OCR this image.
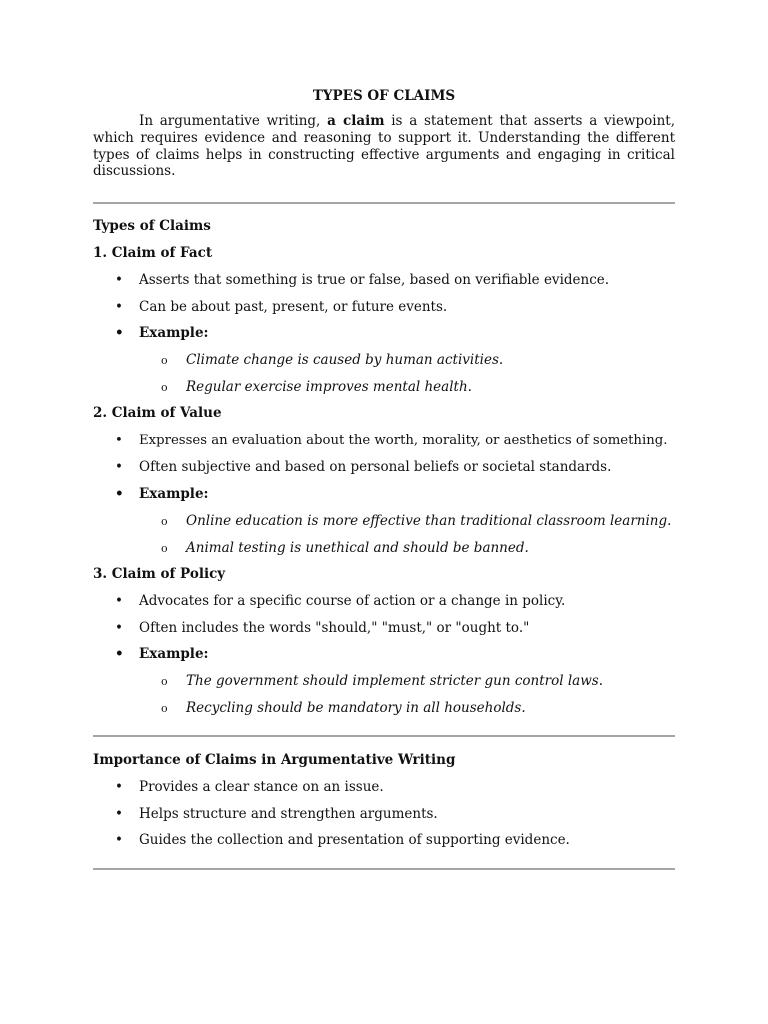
TYPES OF CLAIMS

In argumentative writing, a claim is a statement that asserts a viewpoint, which requires evidence and reasoning to support it. Understanding the different types of claims helps in constructing effective arguments and engaging in critical discussions.

Types of Claims
1. Claim of Fact
• Asserts that something is true or false, based on verifiable evidence.
• Can be about past, present, or future events.
• Example:
o Climate change is caused by human activities.
o Regular exercise improves mental health.
2. Claim of Value
• Expresses an evaluation about the worth, morality, or aesthetics of something.
• Often subjective and based on personal beliefs or societal standards.
• Example:
o Online education is more effective than traditional classroom learning.
o Animal testing is unethical and should be banned.
3. Claim of Policy
• Advocates for a specific course of action or a change in policy.
• Often includes the words "should," "must," or "ought to."
• Example:
o The government should implement stricter gun control laws.
o Recycling should be mandatory in all households.
Importance of Claims in Argumentative Writing
• Provides a clear stance on an issue.
• Helps structure and strengthen arguments.
• Guides the collection and presentation of supporting evidence.
